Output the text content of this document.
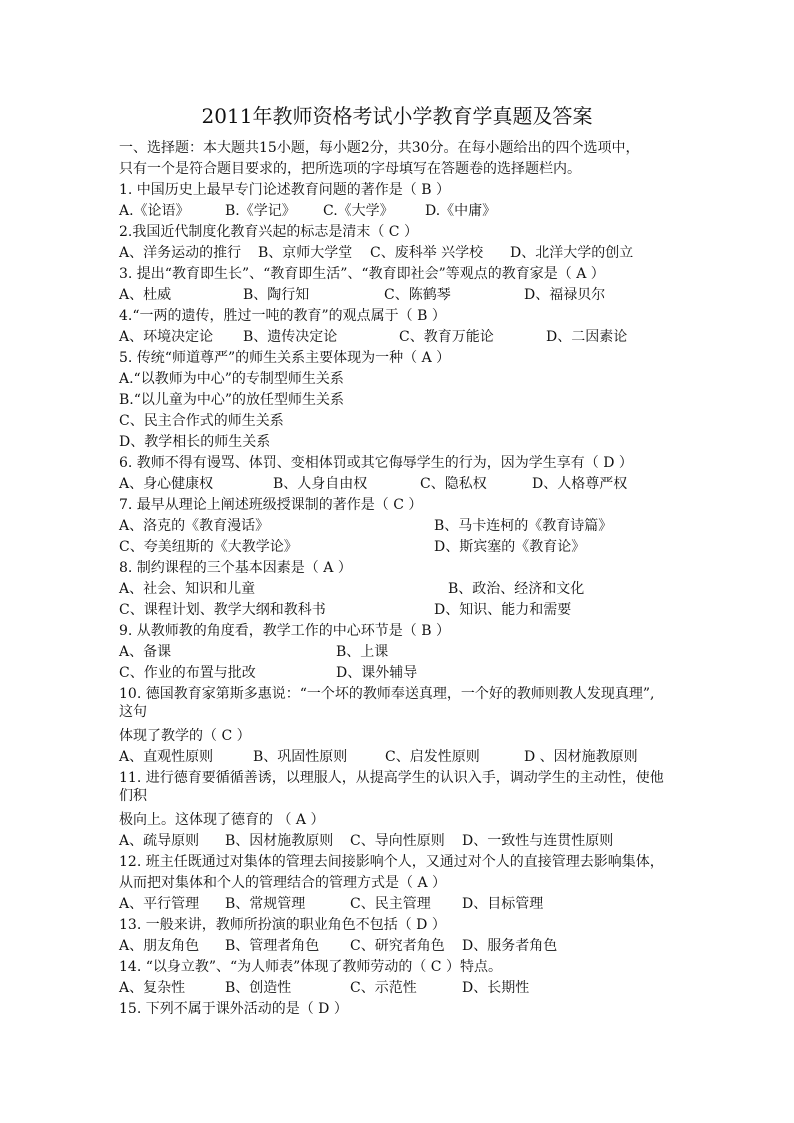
2011年教师资格考试小学教育学真题及答案
一、选择题：本大题共15小题，每小题2分，共30分。在每小题给出的四个选项中，
只有一个是符合题目要求的，把所选项的字母填写在答题卷的选择题栏内。
1. 中国历史上最早专门论述教育问题的著作是（ B ）
A.《论语》	B.《学记》 C.《大学》 D.《中庸》
2.我国近代制度化教育兴起的标志是清末（ C ）
A、洋务运动的推行 B、京师大学堂 C、废科举 兴学校 D、北洋大学的创立
3. 提出“教育即生长”、“教育即生活”、“教育即社会”等观点的教育家是（ A ）
A、杜威	B、陶行知	C、陈鹤琴	D、福禄贝尔
4.“一两的遗传，胜过一吨的教育”的观点属于（ B ）
A、环境决定论 B、遗传决定论	C、教育万能论	D、二因素论
5. 传统“师道尊严”的师生关系主要体现为一种（ A ）
A.“以教师为中心”的专制型师生关系
B.“以儿童为中心”的放任型师生关系
C、民主合作式的师生关系
D、教学相长的师生关系
6. 教师不得有谩骂、体罚、变相体罚或其它侮辱学生的行为，因为学生享有（ D ）
A、身心健康权	B、人身自由权	C、隐私权	D、人格尊严权
7. 最早从理论上阐述班级授课制的著作是（ C ）
A、洛克的《教育漫话》	B、马卡连柯的《教育诗篇》
C、夸美纽斯的《大教学论》	D、斯宾塞的《教育论》
8. 制约课程的三个基本因素是（ A ）
A、社会、知识和儿童	B、政治、经济和文化
C、课程计划、教学大纲和教科书	D、知识、能力和需要
9. 从教师教的角度看，教学工作的中心环节是（ B ）
A、备课	B、上课
C、作业的布置与批改	D、课外辅导
10. 德国教育家第斯多惠说：“一个坏的教师奉送真理，一个好的教师则教人发现真理”,
这句
体现了教学的（ C ）
A、直观性原则	B、巩固性原则	C、启发性原则	D 、因材施教原则
11. 进行德育要循循善诱，以理服人，从提高学生的认识入手，调动学生的主动性，使他
们积
极向上。这体现了德育的 （ A ）
A、疏导原则 B、因材施教原则 C、导向性原则 D、一致性与连贯性原则
12. 班主任既通过对集体的管理去间接影响个人，又通过对个人的直接管理去影响集体，
从而把对集体和个人的管理结合的管理方式是（ A ）
A、平行管理 B、常规管理	C、民主管理 D、目标管理
13. 一般来讲，教师所扮演的职业角色不包括（ D ）
A、朋友角色 B、管理者角色 C、研究者角色 D、服务者角色
14. “以身立教”、“为人师表”体现了教师劳动的（ C ）特点。
A、复杂性	B、创造性	C、示范性	D、长期性
15. 下列不属于课外活动的是（ D ）
